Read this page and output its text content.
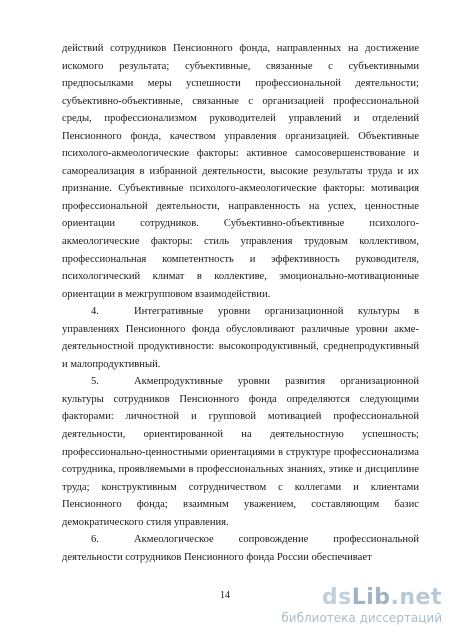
действий сотрудников Пенсионного фонда, направленных на достижение искомого результата; субъективные, связанные с субъективными предпосылками меры успешности профессиональной деятельности; субъективно-объективные, связанные с организацией профессиональной среды, профессионализмом руководителей управлений и отделений Пенсионного фонда, качеством управления организацией. Объективные психолого-акмеологические факторы: активное самосовершенствование и самореализация в избранной деятельности, высокие результаты труда и их признание. Субъективные психолого-акмеологические факторы: мотивация профессиональной деятельности, направленность на успех, ценностные ориентации сотрудников. Субъективно-объективные психолого-акмеологические факторы: стиль управления трудовым коллективом, профессиональная компетентность и эффективность руководителя, психологический климат в коллективе, эмоционально-мотивационные ориентации в межгрупповом взаимодействии.

4.	Интегративные уровни организационной культуры в управлениях Пенсионного фонда обусловливают различные уровни акме-деятельностной продуктивности: высокопродуктивный, среднепродуктивный и малопродуктивный.

5.	Акмепродуктивные уровни развития организационной культуры сотрудников Пенсионного фонда определяются следующими факторами: личностной и групповой мотивацией профессиональной деятельности, ориентированной на деятельностную успешность; профессионально-ценностными ориентациями в структуре профессионализма сотрудника, проявляемыми в профессиональных знаниях, этике и дисциплине труда; конструктивным сотрудничеством с коллегами и клиентами Пенсионного фонда; взаимным уважением, составляющим базис демократического стиля управления.

6.	Акмеологическое сопровождение профессиональной деятельности сотрудников Пенсионного фонда России обеспечивает

14	dsLib.net
библиотека диссертаций
